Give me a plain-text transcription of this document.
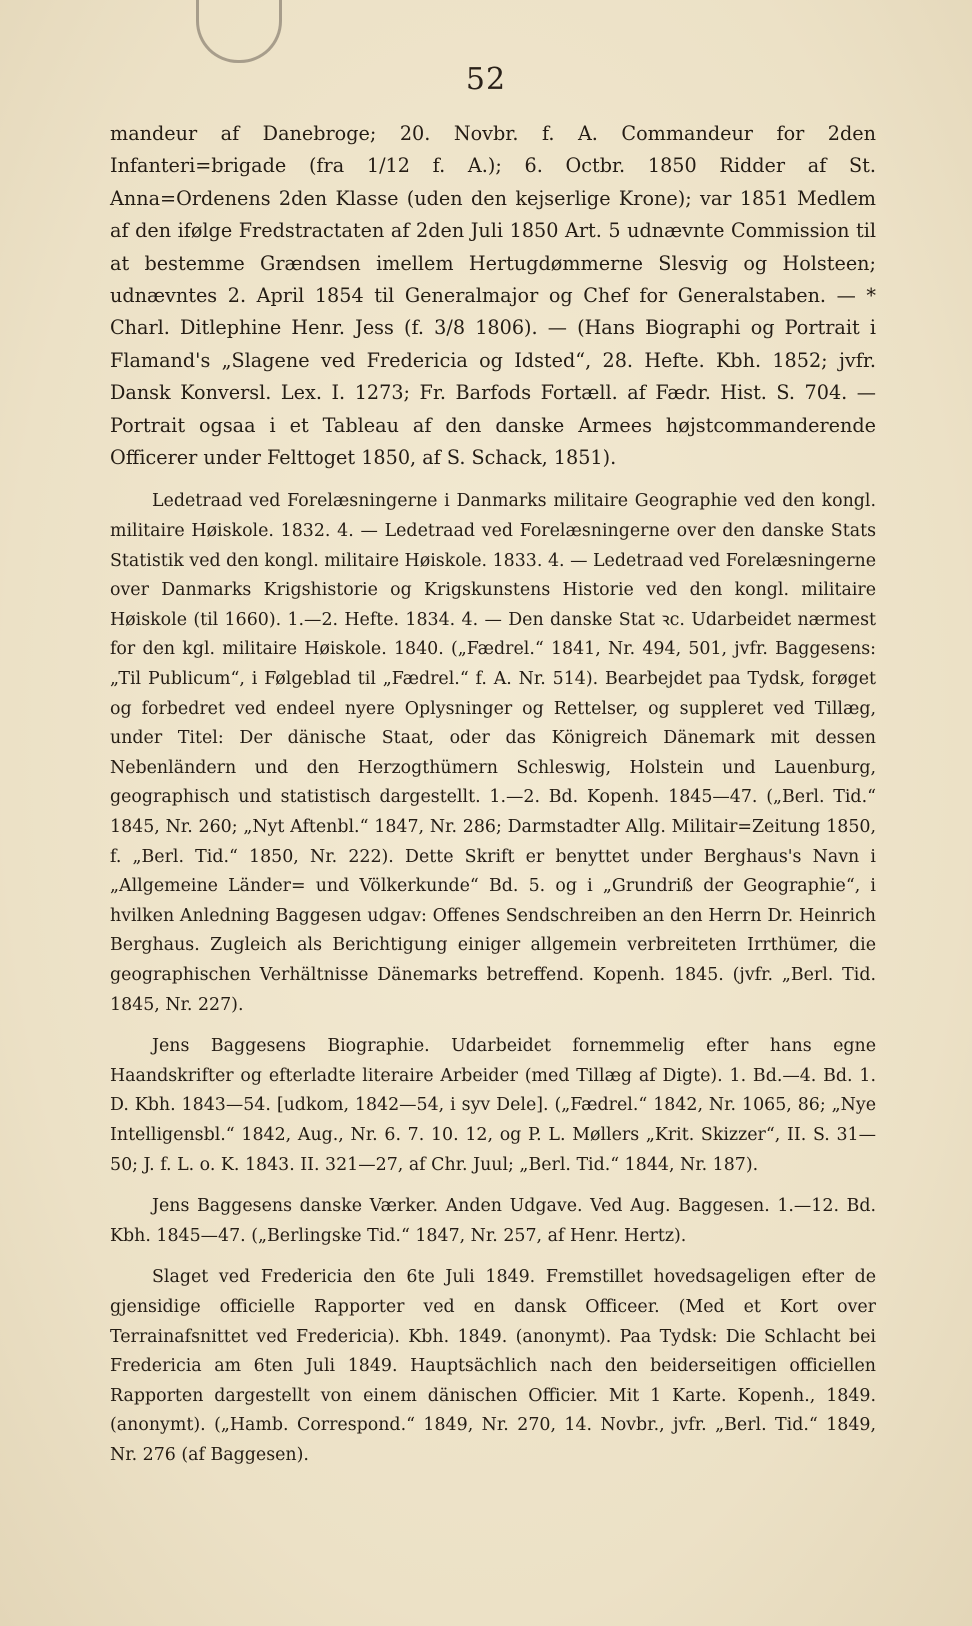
52

mandeur af Danebroge; 20. Novbr. f. A. Commandeur for 2den Infanteri=brigade (fra 1/12 f. A.); 6. Octbr. 1850 Ridder af St. Anna=Ordenens 2den Klasse (uden den kejserlige Krone); var 1851 Medlem af den ifølge Fredstractaten af 2den Juli 1850 Art. 5 udnævnte Commission til at bestemme Grændsen imellem Hertugdømmerne Slesvig og Holsteen; udnævntes 2. April 1854 til Generalmajor og Chef for Generalstaben. — * Charl. Ditlephine Henr. Jess (f. 3/8 1806). — (Hans Biographi og Portrait i Flamand's „Slagene ved Fredericia og Idsted“, 28. Hefte. Kbh. 1852; jvfr. Dansk Konversl. Lex. I. 1273; Fr. Barfods Fortæll. af Fædr. Hist. S. 704. — Portrait ogsaa i et Tableau af den danske Armees højstcommanderende Officerer under Felttoget 1850, af S. Schack, 1851).

Ledetraad ved Forelæsningerne i Danmarks militaire Geographie ved den kongl. militaire Høiskole. 1832. 4. — Ledetraad ved Forelæsningerne over den danske Stats Statistik ved den kongl. militaire Høiskole. 1833. 4. — Ledetraad ved Forelæsningerne over Danmarks Krigshistorie og Krigskunstens Historie ved den kongl. militaire Høiskole (til 1660). 1.—2. Hefte. 1834. 4. — Den danske Stat ꝛc. Udarbeidet nærmest for den kgl. militaire Høiskole. 1840. („Fædrel.“ 1841, Nr. 494, 501, jvfr. Baggesens: „Til Publicum“, i Følgeblad til „Fædrel.“ f. A. Nr. 514). Bearbejdet paa Tydsk, forøget og forbedret ved endeel nyere Oplysninger og Rettelser, og suppleret ved Tillæg, under Titel: Der dänische Staat, oder das Königreich Dänemark mit dessen Nebenländern und den Herzogthümern Schleswig, Holstein und Lauenburg, geographisch und statistisch dargestellt. 1.—2. Bd. Kopenh. 1845—47. („Berl. Tid.“ 1845, Nr. 260; „Nyt Aftenbl.“ 1847, Nr. 286; Darmstadter Allg. Militair=Zeitung 1850, f. „Berl. Tid.“ 1850, Nr. 222). Dette Skrift er benyttet under Berghaus's Navn i „Allgemeine Länder= und Völkerkunde“ Bd. 5. og i „Grundriß der Geographie“, i hvilken Anledning Baggesen udgav: Offenes Sendschreiben an den Herrn Dr. Heinrich Berghaus. Zugleich als Berichtigung einiger allgemein verbreiteten Irrthümer, die geographischen Verhältnisse Dänemarks betreffend. Kopenh. 1845. (jvfr. „Berl. Tid. 1845, Nr. 227).

Jens Baggesens Biographie. Udarbeidet fornemmelig efter hans egne Haandskrifter og efterladte literaire Arbeider (med Tillæg af Digte). 1. Bd.—4. Bd. 1. D. Kbh. 1843—54. [udkom, 1842—54, i syv Dele]. („Fædrel.“ 1842, Nr. 1065, 86; „Nye Intelligensbl.“ 1842, Aug., Nr. 6. 7. 10. 12, og P. L. Møllers „Krit. Skizzer“, II. S. 31—50; J. f. L. o. K. 1843. II. 321—27, af Chr. Juul; „Berl. Tid.“ 1844, Nr. 187).

Jens Baggesens danske Værker. Anden Udgave. Ved Aug. Baggesen. 1.—12. Bd. Kbh. 1845—47. („Berlingske Tid.“ 1847, Nr. 257, af Henr. Hertz).

Slaget ved Fredericia den 6te Juli 1849. Fremstillet hovedsageligen efter de gjensidige officielle Rapporter ved en dansk Officeer. (Med et Kort over Terrainafsnittet ved Fredericia). Kbh. 1849. (anonymt). Paa Tydsk: Die Schlacht bei Fredericia am 6ten Juli 1849. Hauptsächlich nach den beiderseitigen officiellen Rapporten dargestellt von einem dänischen Officier. Mit 1 Karte. Kopenh., 1849. (anonymt). („Hamb. Correspond.“ 1849, Nr. 270, 14. Novbr., jvfr. „Berl. Tid.“ 1849, Nr. 276 (af Baggesen).
